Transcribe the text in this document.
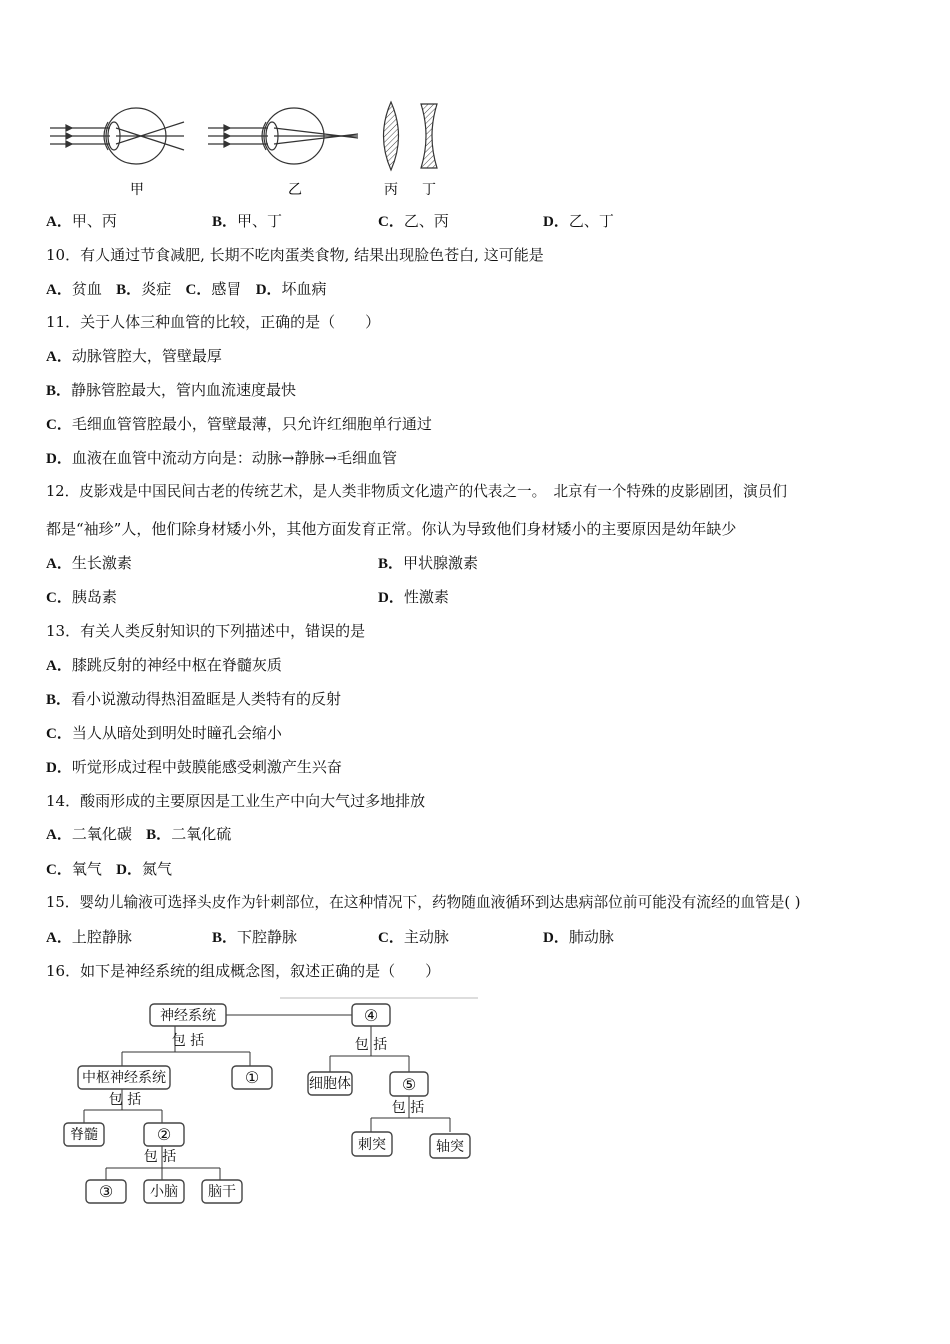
甲	乙	丙 丁
A．甲、丙	B．甲、丁	C．乙、丙	D．乙、丁
10．有人通过节食减肥, 长期不吃肉蛋类食物, 结果出现脸色苍白, 这可能是
A．贫血 B．炎症 C．感冒 D．坏血病
11．关于人体三种血管的比较，正确的是（　　）
A．动脉管腔大，管壁最厚
B．静脉管腔最大，管内血流速度最快
C．毛细血管管腔最小，管壁最薄，只允许红细胞单行通过
D．血液在血管中流动方向是：动脉→静脉→毛细血管
12．皮影戏是中国民间古老的传统艺术，是人类非物质文化遗产的代表之一。　北京有一个特殊的皮影剧团，演员们
都是“袖珍”人，他们除身材矮小外，其他方面发育正常。你认为导致他们身材矮小的主要原因是幼年缺少
A．生长激素	B．甲状腺激素
C．胰岛素	D．性激素
13．有关人类反射知识的下列描述中，错误的是
A．膝跳反射的神经中枢在脊髓灰质
B．看小说激动得热泪盈眶是人类特有的反射
C．当人从暗处到明处时瞳孔会缩小
D．听觉形成过程中鼓膜能感受刺激产生兴奋
14．酸雨形成的主要原因是工业生产中向大气过多地排放
A．二氧化碳 B．二氧化硫
C．氧气 D．氮气
15．婴幼儿输液可选择头皮作为针刺部位，在这种情况下，药物随血液循环到达患病部位前可能没有流经的血管是( )
A．上腔静脉	B．下腔静脉	C．主动脉	D．肺动脉
16．如下是神经系统的组成概念图，叙述正确的是（　　）
神经系统	④
包 括
中枢神经系统	①
包 括
细胞体	⑤
包 括
脊髓	②
包 括
刺突	轴突
包 括
③	小脑 脑干
